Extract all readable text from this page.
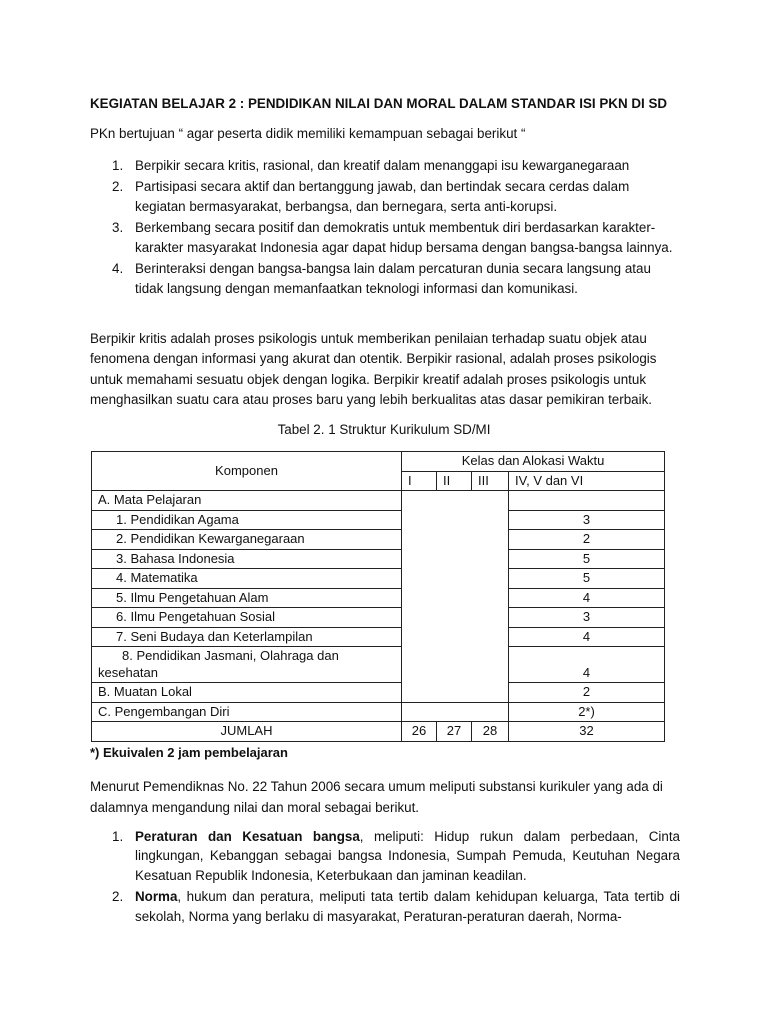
KEGIATAN BELAJAR 2 : PENDIDIKAN NILAI DAN MORAL DALAM STANDAR ISI PKN DI SD
PKn bertujuan “ agar peserta didik memiliki kemampuan sebagai berikut “
1. Berpikir secara kritis, rasional, dan kreatif dalam menanggapi isu kewarganegaraan
2. Partisipasi secara aktif dan bertanggung jawab, dan bertindak secara cerdas dalam kegiatan bermasyarakat, berbangsa, dan bernegara, serta anti-korupsi.
3. Berkembang secara positif dan demokratis untuk membentuk diri berdasarkan karakter-karakter masyarakat Indonesia agar dapat hidup bersama dengan bangsa-bangsa lainnya.
4. Berinteraksi dengan bangsa-bangsa lain dalam percaturan dunia secara langsung atau tidak langsung dengan memanfaatkan teknologi informasi dan komunikasi.
Berpikir kritis adalah proses psikologis untuk memberikan penilaian terhadap suatu objek atau fenomena dengan informasi yang akurat dan otentik. Berpikir rasional, adalah proses psikologis untuk memahami sesuatu objek dengan logika. Berpikir kreatif adalah proses psikologis untuk menghasilkan suatu cara atau proses baru yang lebih berkualitas atas dasar pemikiran terbaik.
Tabel 2. 1 Struktur Kurikulum SD/MI
Komponen	Kelas dan Alokasi Waktu			
	I	II	III	IV, V dan VI
A. Mata Pelajaran				
1. Pendidikan Agama				3
2. Pendidikan Kewarganegaraan				2
3. Bahasa Indonesia				5
4. Matematika				5
5. Ilmu Pengetahuan Alam				4
6. Ilmu Pengetahuan Sosial				3
7. Seni Budaya dan Keterlampilan				4

8. Pendidikan Jasmani, Olahraga dan
kesehatan				4
B. Muatan Lokal				2
C. Pengembangan Diri				2*)
JUMLAH	26	27	28	32
*) Ekuivalen 2 jam pembelajaran
Menurut Pemendiknas No. 22 Tahun 2006 secara umum meliputi substansi kurikuler yang ada di dalamnya mengandung nilai dan moral sebagai berikut.
1. Peraturan dan Kesatuan bangsa, meliputi: Hidup rukun dalam perbedaan, Cinta lingkungan, Kebanggan sebagai bangsa Indonesia, Sumpah Pemuda, Keutuhan Negara Kesatuan Republik Indonesia, Keterbukaan dan jaminan keadilan.
2. Norma, hukum dan peratura, meliputi tata tertib dalam kehidupan keluarga, Tata tertib di sekolah, Norma yang berlaku di masyarakat, Peraturan-peraturan daerah, Norma-
